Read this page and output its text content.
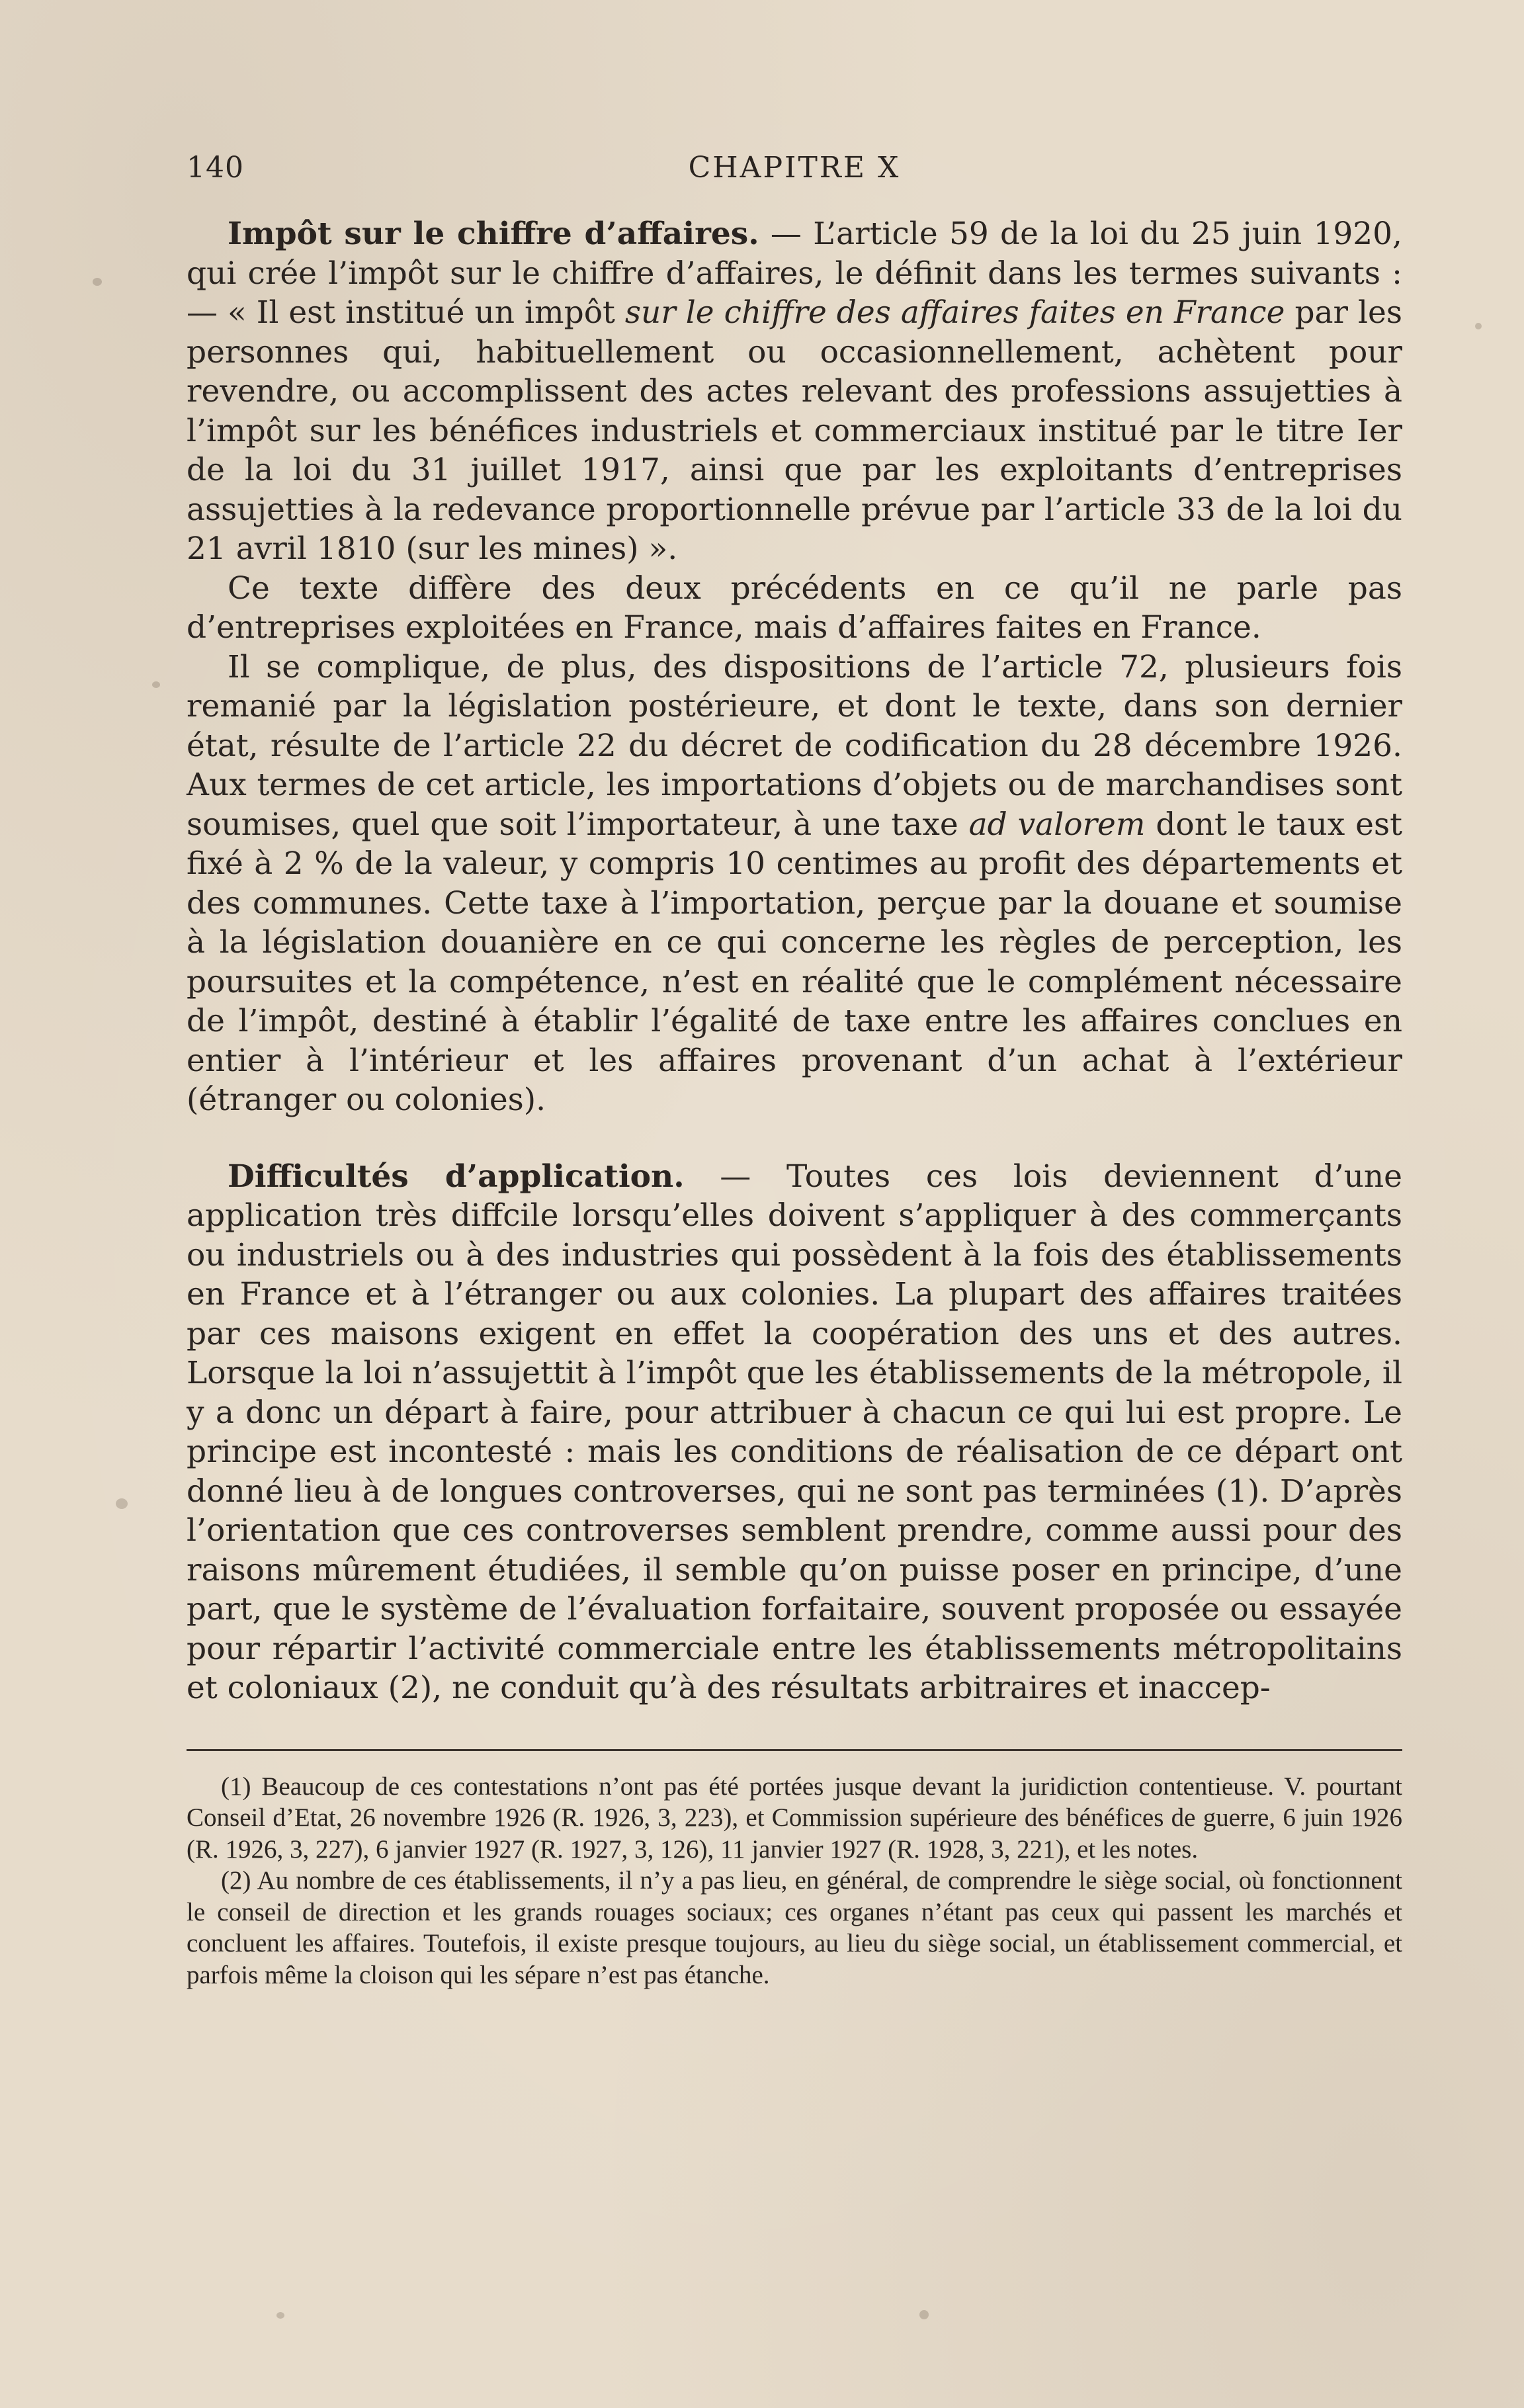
140	CHAPITRE X

Impôt sur le chiffre d’affaires. — L’article 59 de la loi du 25 juin 1920, qui crée l’impôt sur le chiffre d’affaires, le définit dans les termes suivants : — « Il est institué un impôt sur le chiffre des affaires faites en France par les personnes qui, habituellement ou occasionnellement, achètent pour revendre, ou accomplissent des actes relevant des professions assujetties à l’impôt sur les bénéfices industriels et commerciaux institué par le titre Ier de la loi du 31 juillet 1917, ainsi que par les exploitants d’entreprises assujetties à la redevance proportionnelle prévue par l’article 33 de la loi du 21 avril 1810 (sur les mines) ».

Ce texte diffère des deux précédents en ce qu’il ne parle pas d’entreprises exploitées en France, mais d’affaires faites en France.

Il se complique, de plus, des dispositions de l’article 72, plusieurs fois remanié par la législation postérieure, et dont le texte, dans son dernier état, résulte de l’article 22 du décret de codification du 28 décembre 1926. Aux termes de cet article, les importations d’objets ou de marchandises sont soumises, quel que soit l’importateur, à une taxe ad valorem dont le taux est fixé à 2 % de la valeur, y compris 10 centimes au profit des départements et des communes. Cette taxe à l’importation, perçue par la douane et soumise à la législation douanière en ce qui concerne les règles de perception, les poursuites et la compétence, n’est en réalité que le complément nécessaire de l’impôt, destiné à établir l’égalité de taxe entre les affaires conclues en entier à l’intérieur et les affaires provenant d’un achat à l’extérieur (étranger ou colonies).

Difficultés d’application. — Toutes ces lois deviennent d’une application très diffcile lorsqu’elles doivent s’appliquer à des commerçants ou industriels ou à des industries qui possèdent à la fois des établissements en France et à l’étranger ou aux colonies. La plupart des affaires traitées par ces maisons exigent en effet la coopération des uns et des autres. Lorsque la loi n’assujettit à l’impôt que les établissements de la métropole, il y a donc un départ à faire, pour attribuer à chacun ce qui lui est propre. Le principe est incontesté : mais les conditions de réalisation de ce départ ont donné lieu à de longues controverses, qui ne sont pas terminées (1). D’après l’orientation que ces controverses semblent prendre, comme aussi pour des raisons mûrement étudiées, il semble qu’on puisse poser en principe, d’une part, que le système de l’évaluation forfaitaire, souvent proposée ou essayée pour répartir l’activité commerciale entre les établissements métropolitains et coloniaux (2), ne conduit qu’à des résultats arbitraires et inaccep-

(1) Beaucoup de ces contestations n’ont pas été portées jusque devant la juridiction contentieuse. V. pourtant Conseil d’Etat, 26 novembre 1926 (R. 1926, 3, 223), et Commission supérieure des bénéfices de guerre, 6 juin 1926 (R. 1926, 3, 227), 6 janvier 1927 (R. 1927, 3, 126), 11 janvier 1927 (R. 1928, 3, 221), et les notes.

(2) Au nombre de ces établissements, il n’y a pas lieu, en général, de comprendre le siège social, où fonctionnent le conseil de direction et les grands rouages sociaux; ces organes n’étant pas ceux qui passent les marchés et concluent les affaires. Toutefois, il existe presque toujours, au lieu du siège social, un établissement commercial, et parfois même la cloison qui les sépare n’est pas étanche.
